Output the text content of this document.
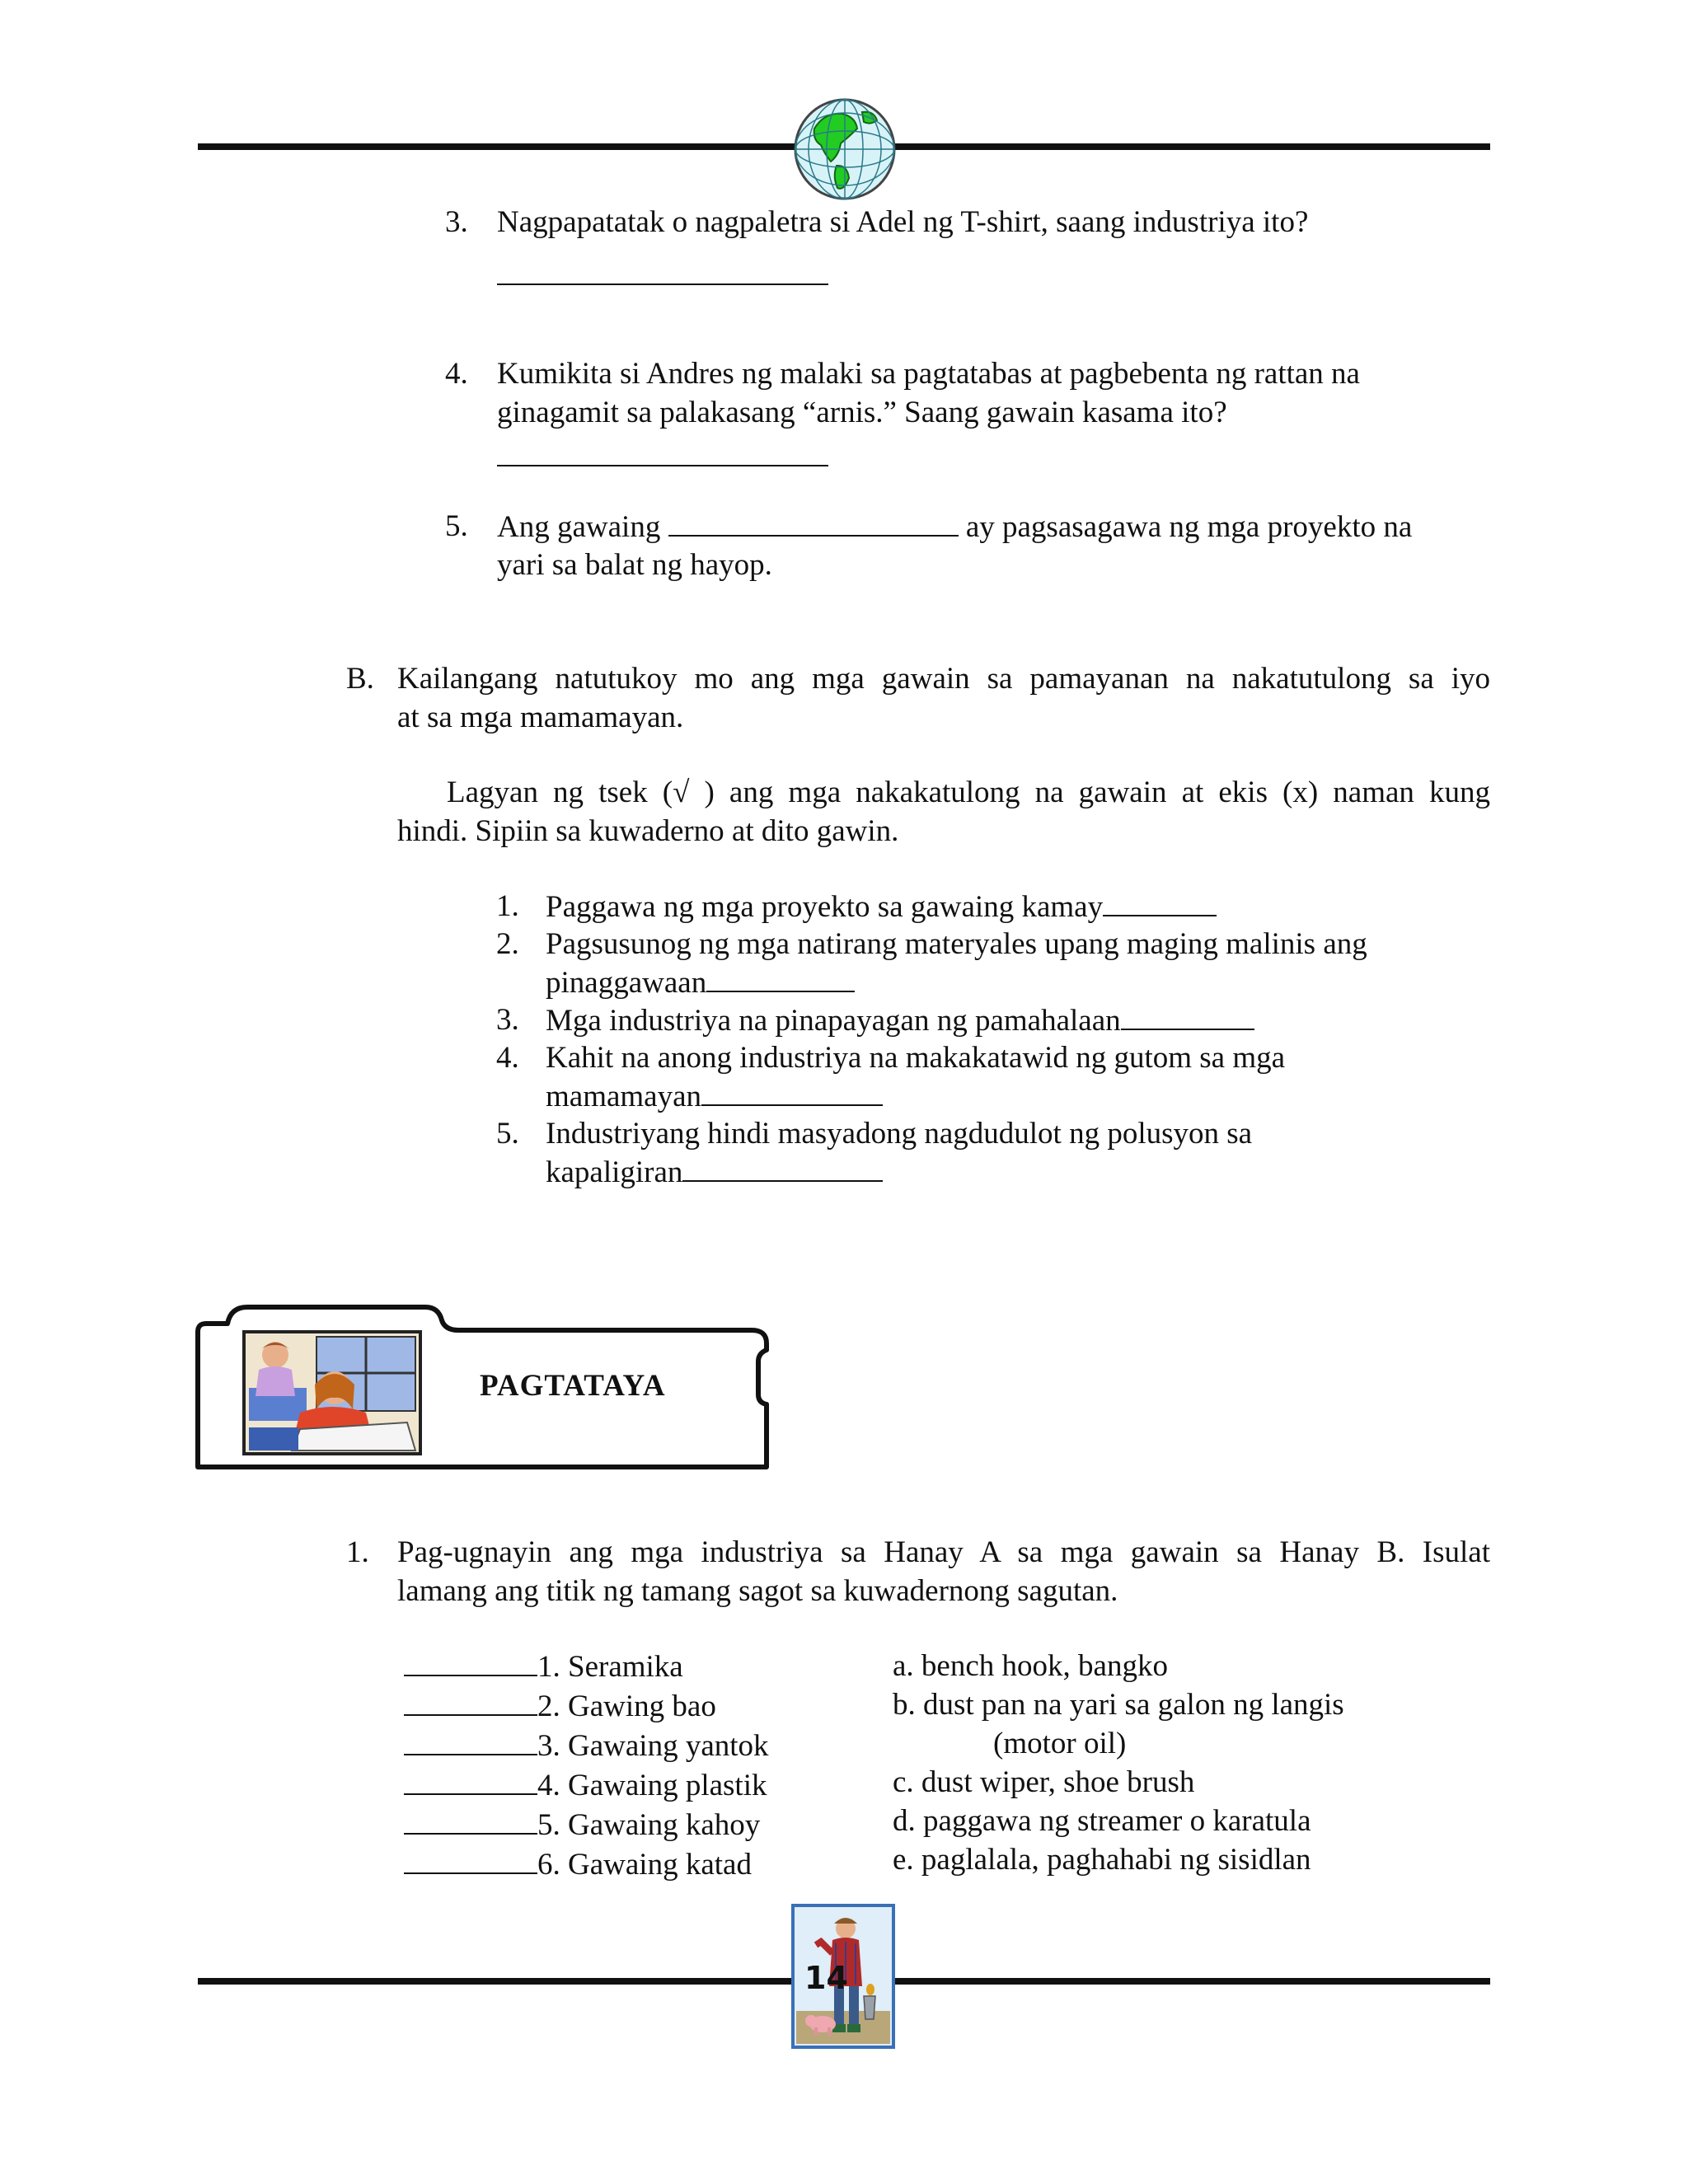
3. Nagpapatatak o nagpaletra si Adel ng T-shirt, saang industriya ito?
4. Kumikita si Andres ng malaki sa pagtatabas at pagbebenta ng rattan na
ginagamit sa palakasang “arnis.” Saang gawain kasama ito?
5. Ang gawaing	ay pagsasagawa ng mga proyekto na
yari sa balat ng hayop.
B. Kailangang natutukoy mo ang mga gawain sa pamayanan na nakatutulong sa iyo
at sa mga mamamayan.
Lagyan ng tsek (√ ) ang mga nakakatulong na gawain at ekis (x) naman kung
hindi. Sipiin sa kuwaderno at dito gawin.
1. Paggawa ng mga proyekto sa gawaing kamay
2. Pagsusunog ng mga natirang materyales upang maging malinis ang
pinaggawaan
3. Mga industriya na pinapayagan ng pamahalaan
4. Kahit na anong industriya na makakatawid ng gutom sa mga
mamamayan
5. Industriyang hindi masyadong nagdudulot ng polusyon sa
kapaligiran
PAGTATAYA
1. Pag-ugnayin ang mga industriya sa Hanay A sa mga gawain sa Hanay B. Isulat
lamang ang titik ng tamang sagot sa kuwadernong sagutan.
1. Seramika
2. Gawing bao
3. Gawaing yantok
4. Gawaing plastik
5. Gawaing kahoy
6. Gawaing katad
a. bench hook, bangko
b. dust pan na yari sa galon ng langis
(motor oil)
c. dust wiper, shoe brush
d. paggawa ng streamer o karatula
e. paglalala, paghahabi ng sisidlan
14
